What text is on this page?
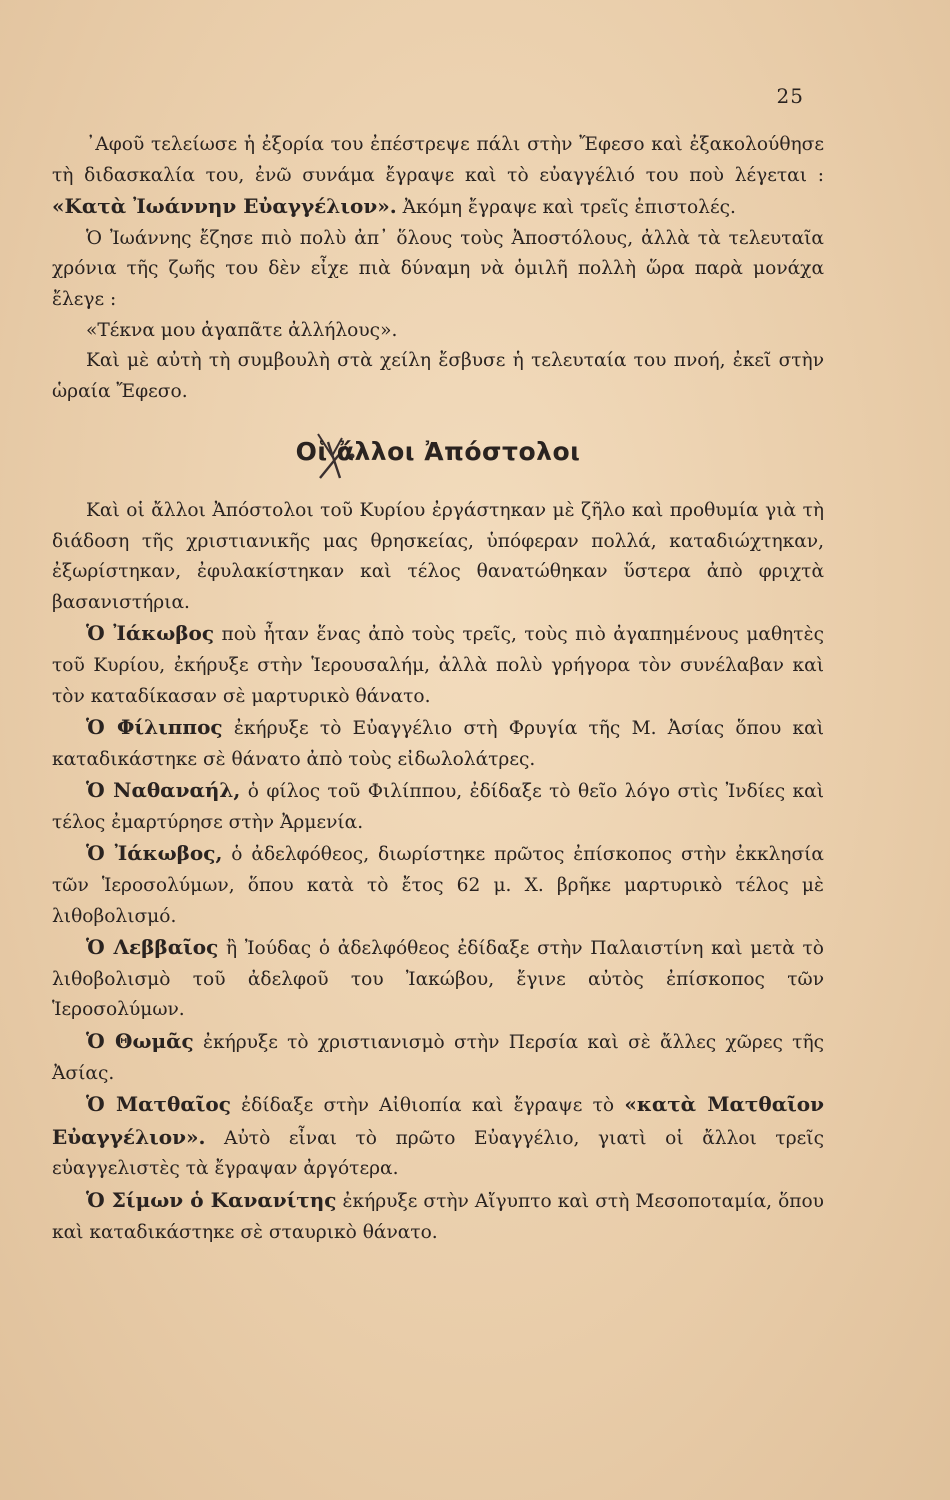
25

᾿Αφοῦ τελείωσε ἡ ἐξορία του ἐπέστρεψε πάλι στὴν Ἔφεσο καὶ ἐξακολούθησε τὴ διδασκαλία του, ἐνῶ συνάμα ἔγραψε καὶ τὸ εὐαγγέλιό του ποὺ λέγεται : «Κατὰ Ἰωάννην Εὐαγγέλιον». Ἀκόμη ἔγραψε καὶ τρεῖς ἐπιστολές.

Ὁ Ἰωάννης ἔζησε πιὸ πολὺ ἀπ᾿ ὅλους τοὺς Ἀποστόλους, ἀλλὰ τὰ τελευταῖα χρόνια τῆς ζωῆς του δὲν εἶχε πιὰ δύναμη νὰ ὁμιλῆ πολλὴ ὥρα παρὰ μονάχα ἔλεγε :

«Τέκνα μου ἀγαπᾶτε ἀλλήλους».

Καὶ μὲ αὐτὴ τὴ συμβουλὴ στὰ χείλη ἔσβυσε ἡ τελευταία του πνοή, ἐκεῖ στὴν ὡραία Ἔφεσο.

Οἱ ἄλλοι Ἀπόστολοι

Καὶ οἱ ἄλλοι Ἀπόστολοι τοῦ Κυρίου ἐργάστηκαν μὲ ζῆλο καὶ προθυμία γιὰ τὴ διάδοση τῆς χριστιανικῆς μας θρησκείας, ὑπόφεραν πολλά, καταδιώχτηκαν, ἐξωρίστηκαν, ἐφυλακίστηκαν καὶ τέλος θανατώθηκαν ὕστερα ἀπὸ φριχτὰ βασανιστήρια.

Ὁ Ἰάκωβος ποὺ ἦταν ἕνας ἀπὸ τοὺς τρεῖς, τοὺς πιὸ ἀγαπημένους μαθητὲς τοῦ Κυρίου, ἐκήρυξε στὴν Ἱερουσαλήμ, ἀλλὰ πολὺ γρήγορα τὸν συνέλαβαν καὶ τὸν καταδίκασαν σὲ μαρτυρικὸ θάνατο.

Ὁ Φίλιππος ἐκήρυξε τὸ Εὐαγγέλιο στὴ Φρυγία τῆς Μ. Ἀσίας ὅπου καὶ καταδικάστηκε σὲ θάνατο ἀπὸ τοὺς εἰδωλολάτρες.

Ὁ Ναθαναήλ, ὁ φίλος τοῦ Φιλίππου, ἐδίδαξε τὸ θεῖο λόγο στὶς Ἰνδίες καὶ τέλος ἐμαρτύρησε στὴν Ἀρμενία.

Ὁ Ἰάκωβος, ὁ ἀδελφόθεος, διωρίστηκε πρῶτος ἐπίσκοπος στὴν ἐκκλησία τῶν Ἱεροσολύμων, ὅπου κατὰ τὸ ἔτος 62 μ. Χ. βρῆκε μαρτυρικὸ τέλος μὲ λιθοβολισμό.

Ὁ Λεββαῖος ἢ Ἰούδας ὁ ἀδελφόθεος ἐδίδαξε στὴν Παλαιστίνη καὶ μετὰ τὸ λιθοβολισμὸ τοῦ ἀδελφοῦ του Ἰακώβου, ἔγινε αὐτὸς ἐπίσκοπος τῶν Ἱεροσολύμων.

Ὁ Θωμᾶς ἐκήρυξε τὸ χριστιανισμὸ στὴν Περσία καὶ σὲ ἄλλες χῶρες τῆς Ἀσίας.

Ὁ Ματθαῖος ἐδίδαξε στὴν Αἰθιοπία καὶ ἔγραψε τὸ «κατὰ Ματθαῖον Εὐαγγέλιον». Αὐτὸ εἶναι τὸ πρῶτο Εὐαγγέλιο, γιατὶ οἱ ἄλλοι τρεῖς εὐαγγελιστὲς τὰ ἔγραψαν ἀργότερα.

Ὁ Σίμων ὁ Κανανίτης ἐκήρυξε στὴν Αἴγυπτο καὶ στὴ Μεσοποταμία, ὅπου καὶ καταδικάστηκε σὲ σταυρικὸ θάνατο.
